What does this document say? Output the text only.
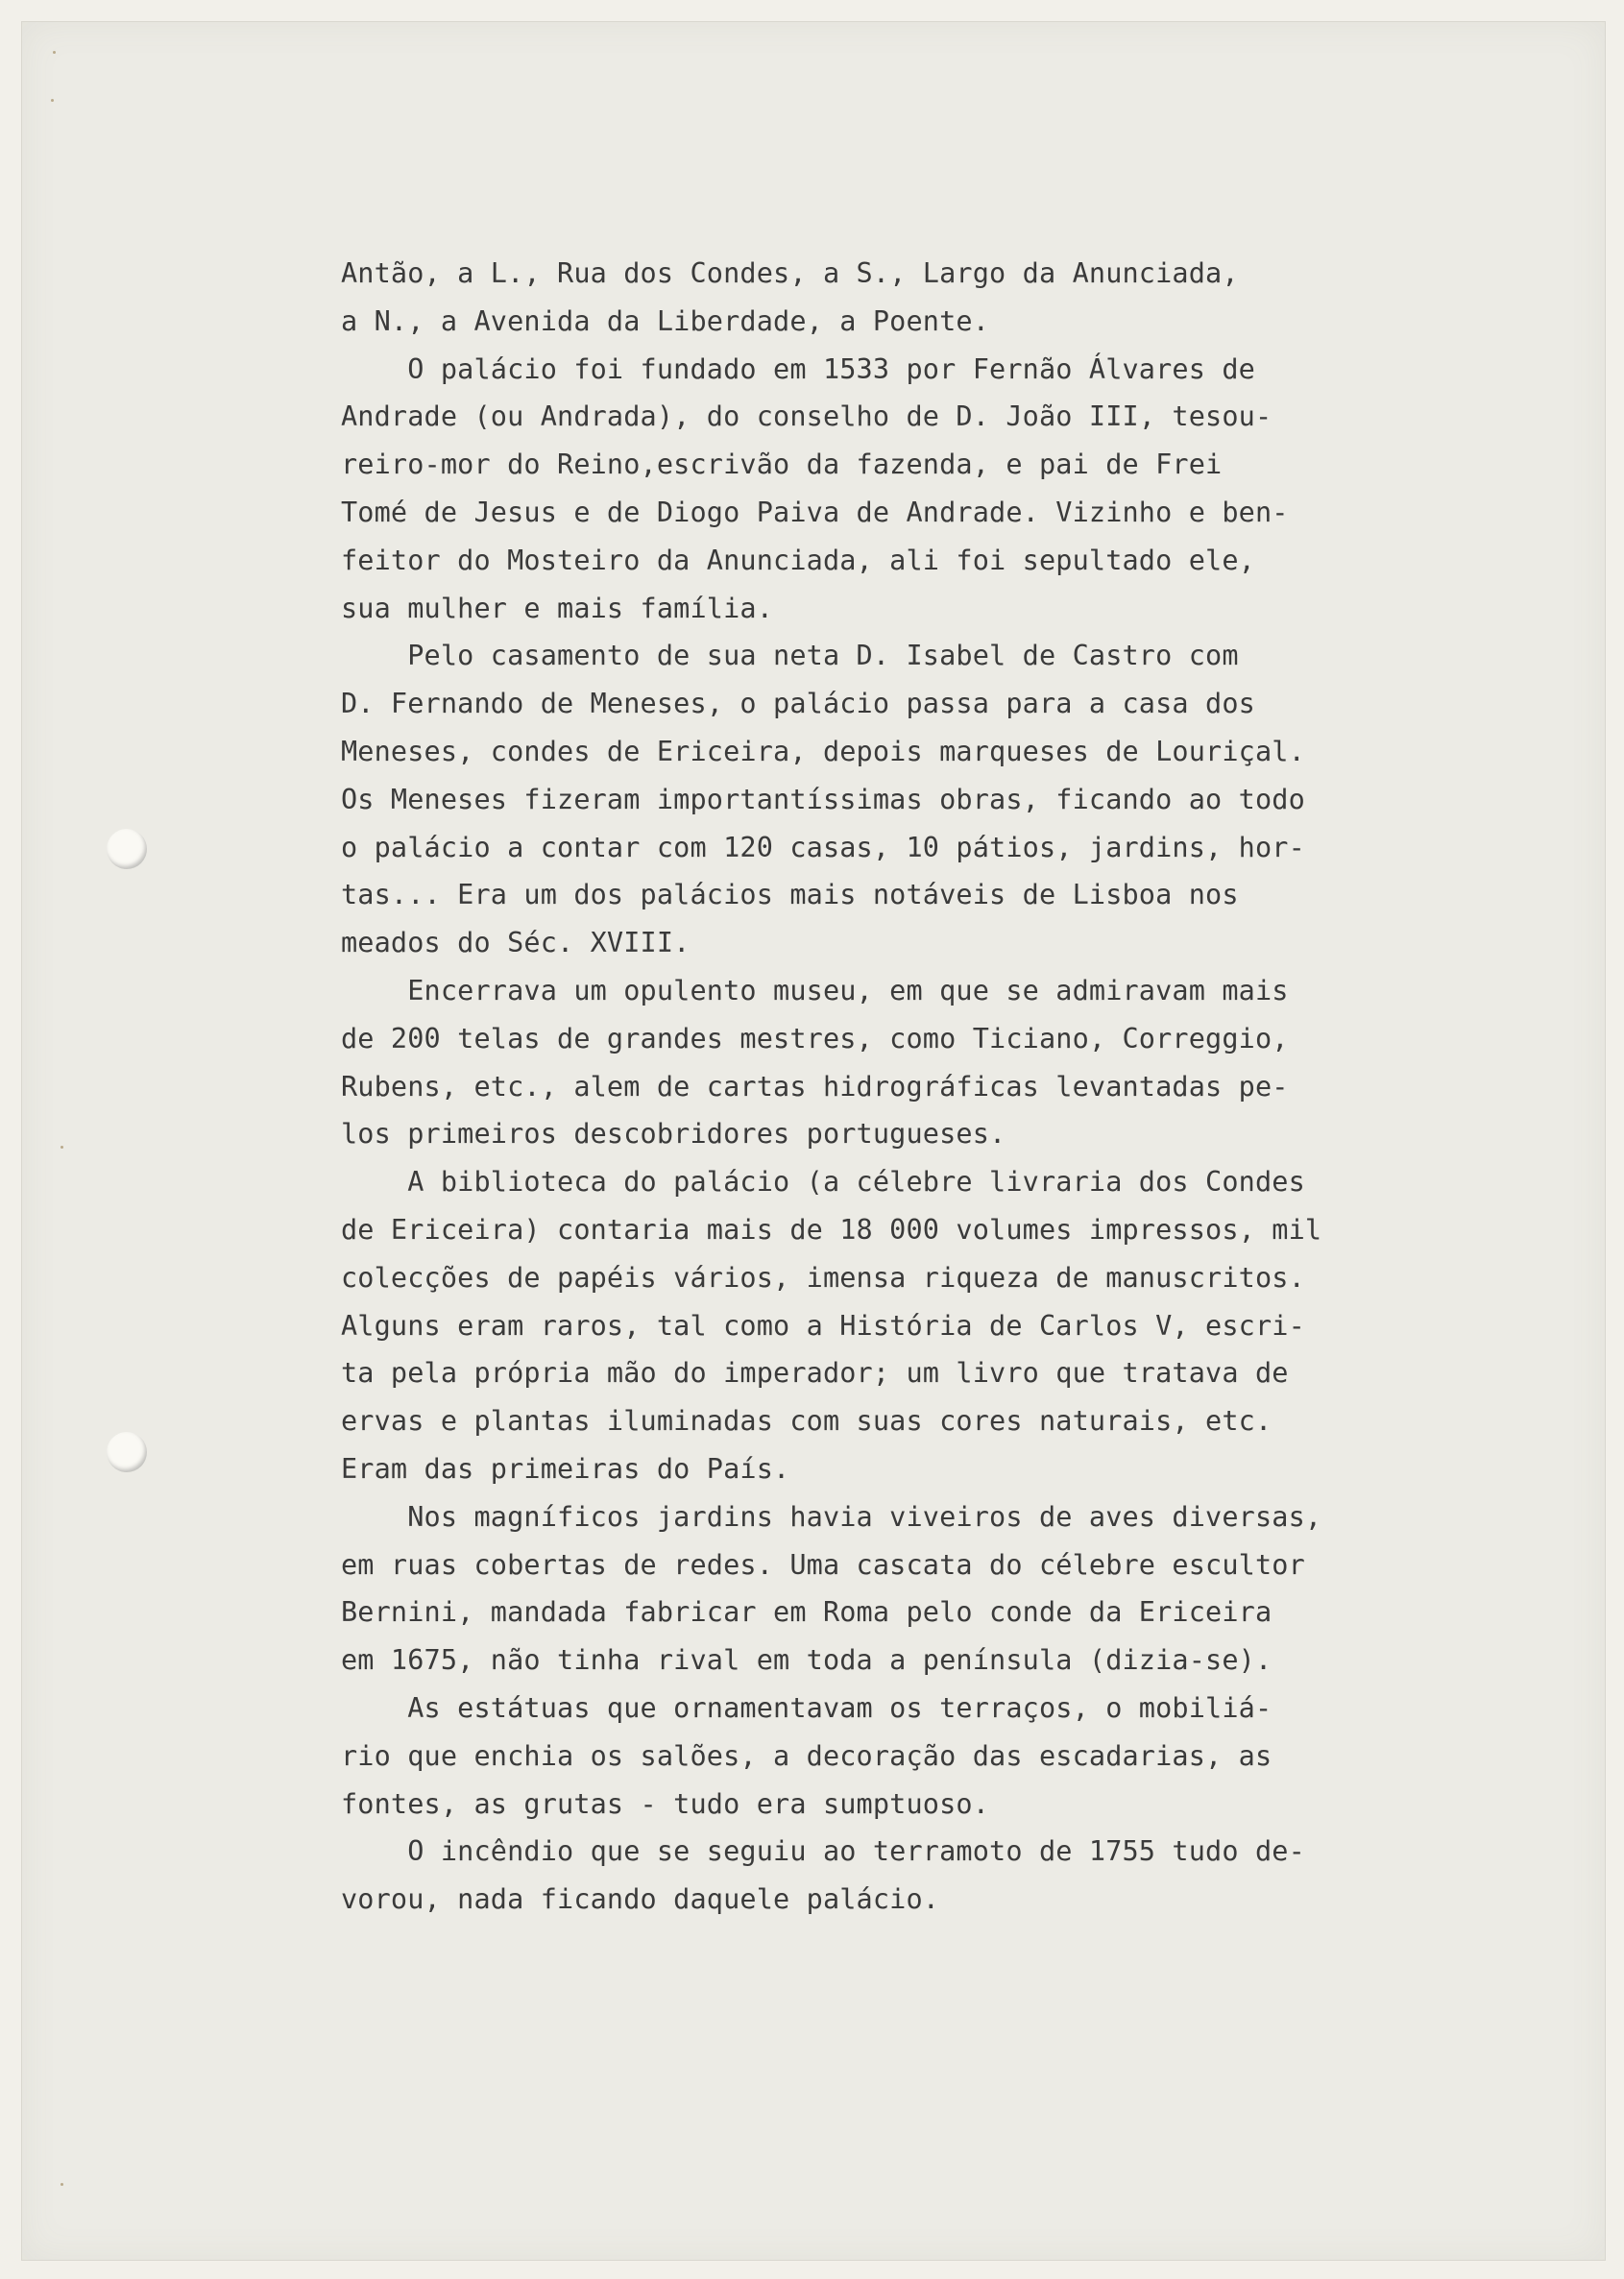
Antão, a L., Rua dos Condes, a S., Largo da Anunciada,
a N., a Avenida da Liberdade, a Poente.
O palácio foi fundado em 1533 por Fernão Álvares de
Andrade (ou Andrada), do conselho de D. João III, tesou-
reiro-mor do Reino,escrivão da fazenda, e pai de Frei
Tomé de Jesus e de Diogo Paiva de Andrade. Vizinho e ben-
feitor do Mosteiro da Anunciada, ali foi sepultado ele,
sua mulher e mais família.
Pelo casamento de sua neta D. Isabel de Castro com
D. Fernando de Meneses, o palácio passa para a casa dos
Meneses, condes de Ericeira, depois marqueses de Louriçal.
Os Meneses fizeram importantíssimas obras, ficando ao todo
o palácio a contar com 120 casas, 10 pátios, jardins, hor-
tas... Era um dos palácios mais notáveis de Lisboa nos
meados do Séc. XVIII.
Encerrava um opulento museu, em que se admiravam mais
de 200 telas de grandes mestres, como Ticiano, Correggio,
Rubens, etc., alem de cartas hidrográficas levantadas pe-
los primeiros descobridores portugueses.
A biblioteca do palácio (a célebre livraria dos Condes
de Ericeira) contaria mais de 18 000 volumes impressos, mil
colecções de papéis vários, imensa riqueza de manuscritos.
Alguns eram raros, tal como a História de Carlos V, escri-
ta pela própria mão do imperador; um livro que tratava de
ervas e plantas iluminadas com suas cores naturais, etc.
Eram das primeiras do País.
Nos magníficos jardins havia viveiros de aves diversas,
em ruas cobertas de redes. Uma cascata do célebre escultor
Bernini, mandada fabricar em Roma pelo conde da Ericeira
em 1675, não tinha rival em toda a península (dizia-se).
As estátuas que ornamentavam os terraços, o mobiliá-
rio que enchia os salões, a decoração das escadarias, as
fontes, as grutas - tudo era sumptuoso.
O incêndio que se seguiu ao terramoto de 1755 tudo de-
vorou, nada ficando daquele palácio.
